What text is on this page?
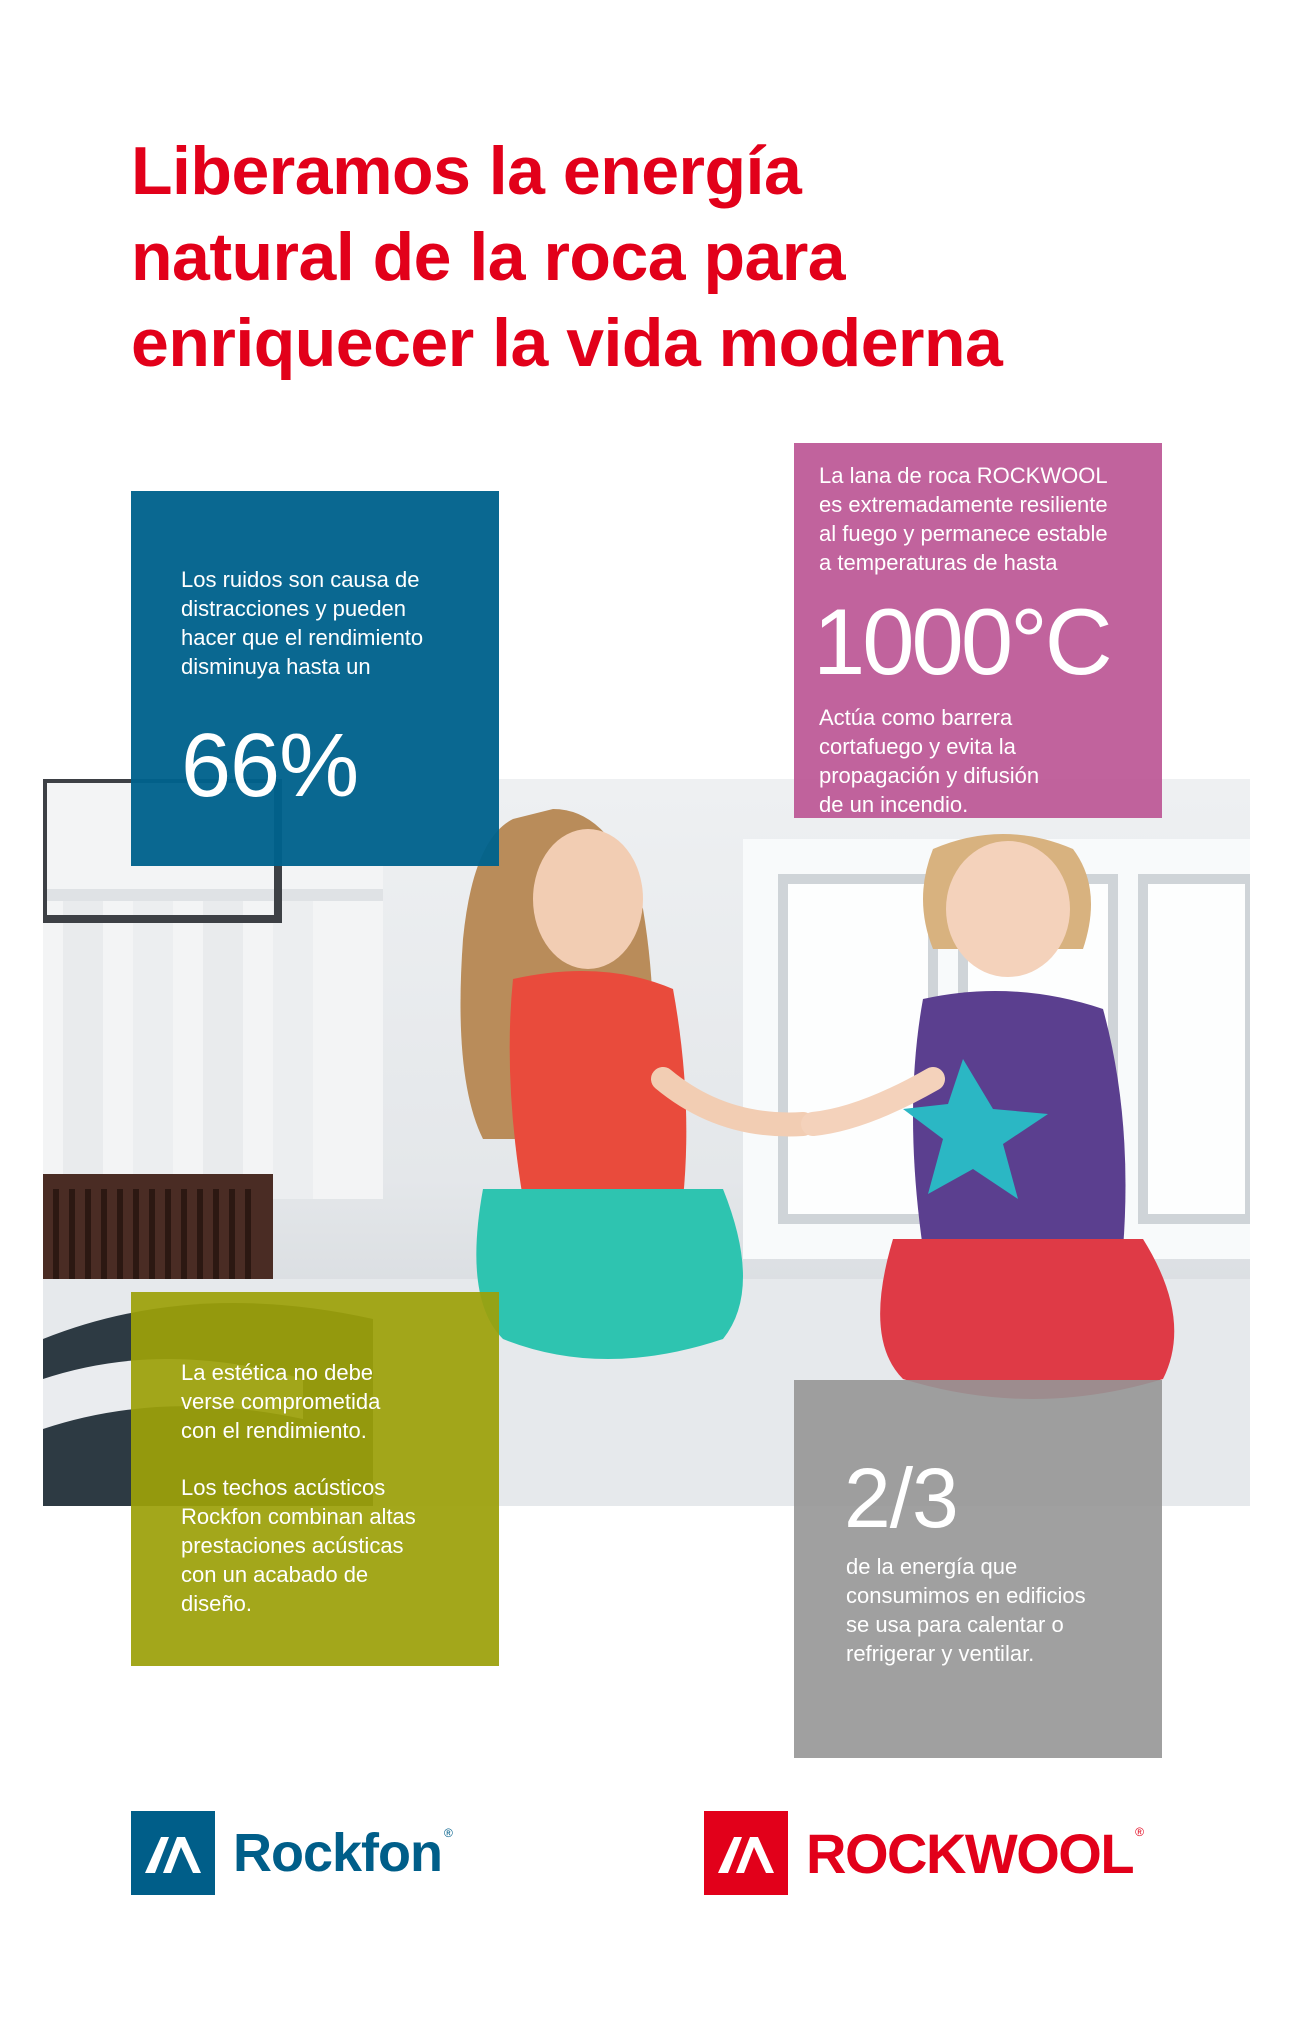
Liberamos la energía
natural de la roca para
enriquecer la vida moderna

Los ruidos son causa de
distracciones y pueden
hacer que el rendimiento
disminuya hasta un

66%

La lana de roca ROCKWOOL
es extremadamente resiliente
al fuego y permanece estable
a temperaturas de hasta

1000°C

Actúa como barrera
cortafuego y evita la
propagación y difusión
de un incendio.

La estética no debe
verse comprometida
con el rendimiento.

Los techos acústicos
Rockfon combinan altas
prestaciones acústicas
con un acabado de
diseño.

2/3

de la energía que
consumimos en edificios
se usa para calentar o
refrigerar y ventilar.

Rockfon ®	ROCKWOOL ®
